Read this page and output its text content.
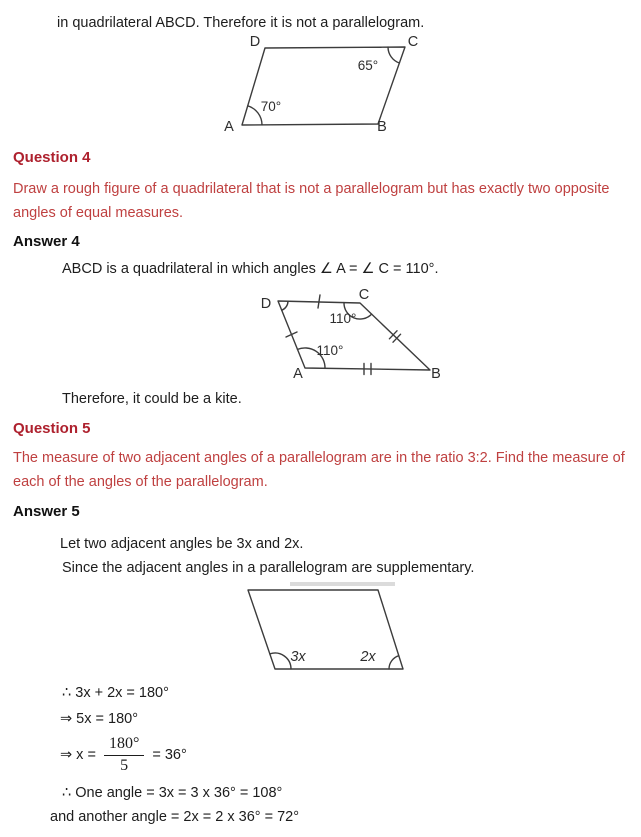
in quadrilateral ABCD. Therefore it is not a parallelogram.
D	C
A	B
70°
65°
Question 4
Draw a rough figure of a quadrilateral that is not a parallelogram but has exactly two opposite
angles of equal measures.
Answer 4
ABCD is a quadrilateral in which angles ∠ A = ∠ C = 110°.
D
C
A	B
110°
110°
Therefore, it could be a kite.
Question 5
The measure of two adjacent angles of a parallelogram are in the ratio 3:2. Find the measure of
each of the angles of the parallelogram.
Answer 5
Let two adjacent angles be 3x and 2x.
Since the adjacent angles in a parallelogram are supplementary.
3x	2x
∴ 3x + 2x = 180°
⇒ 5x = 180°
⇒ $x = \frac{180^\circ}{5} = 36^\circ$
∴ One angle = 3x = 3 x 36° = 108°
and another angle = 2x = 2 x 36° = 72°
